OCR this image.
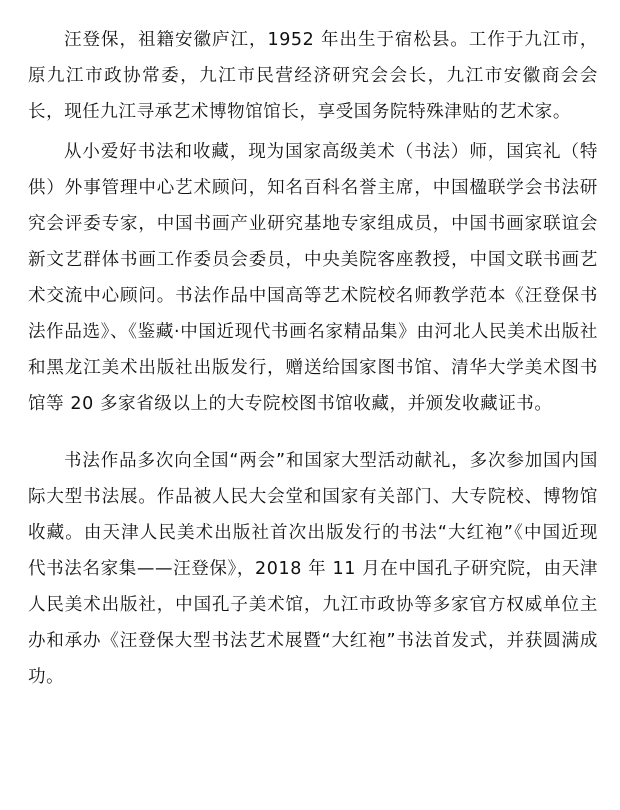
汪登保，祖籍安徽庐江，1952 年出生于宿松县。工作于九江市，原九江市政协常委，九江市民营经济研究会会长，九江市安徽商会会长，现任九江寻承艺术博物馆馆长，享受国务院特殊津贴的艺术家。

从小爱好书法和收藏，现为国家高级美术（书法）师，国宾礼（特供）外事管理中心艺术顾问，知名百科名誉主席，中国楹联学会书法研究会评委专家，中国书画产业研究基地专家组成员，中国书画家联谊会新文艺群体书画工作委员会委员，中央美院客座教授，中国文联书画艺术交流中心顾问。书法作品中国高等艺术院校名师教学范本《汪登保书法作品选》、《鉴藏·中国近现代书画名家精品集》由河北人民美术出版社和黑龙江美术出版社出版发行，赠送给国家图书馆、清华大学美术图书馆等 20 多家省级以上的大专院校图书馆收藏，并颁发收藏证书。

书法作品多次向全国“两会”和国家大型活动献礼，多次参加国内国际大型书法展。作品被人民大会堂和国家有关部门、大专院校、博物馆收藏。由天津人民美术出版社首次出版发行的书法“大红袍”《中国近现代书法名家集——汪登保》，2018 年 11 月在中国孔子研究院，由天津人民美术出版社，中国孔子美术馆，九江市政协等多家官方权威单位主办和承办《汪登保大型书法艺术展暨“大红袍”书法首发式，并获圆满成功。
